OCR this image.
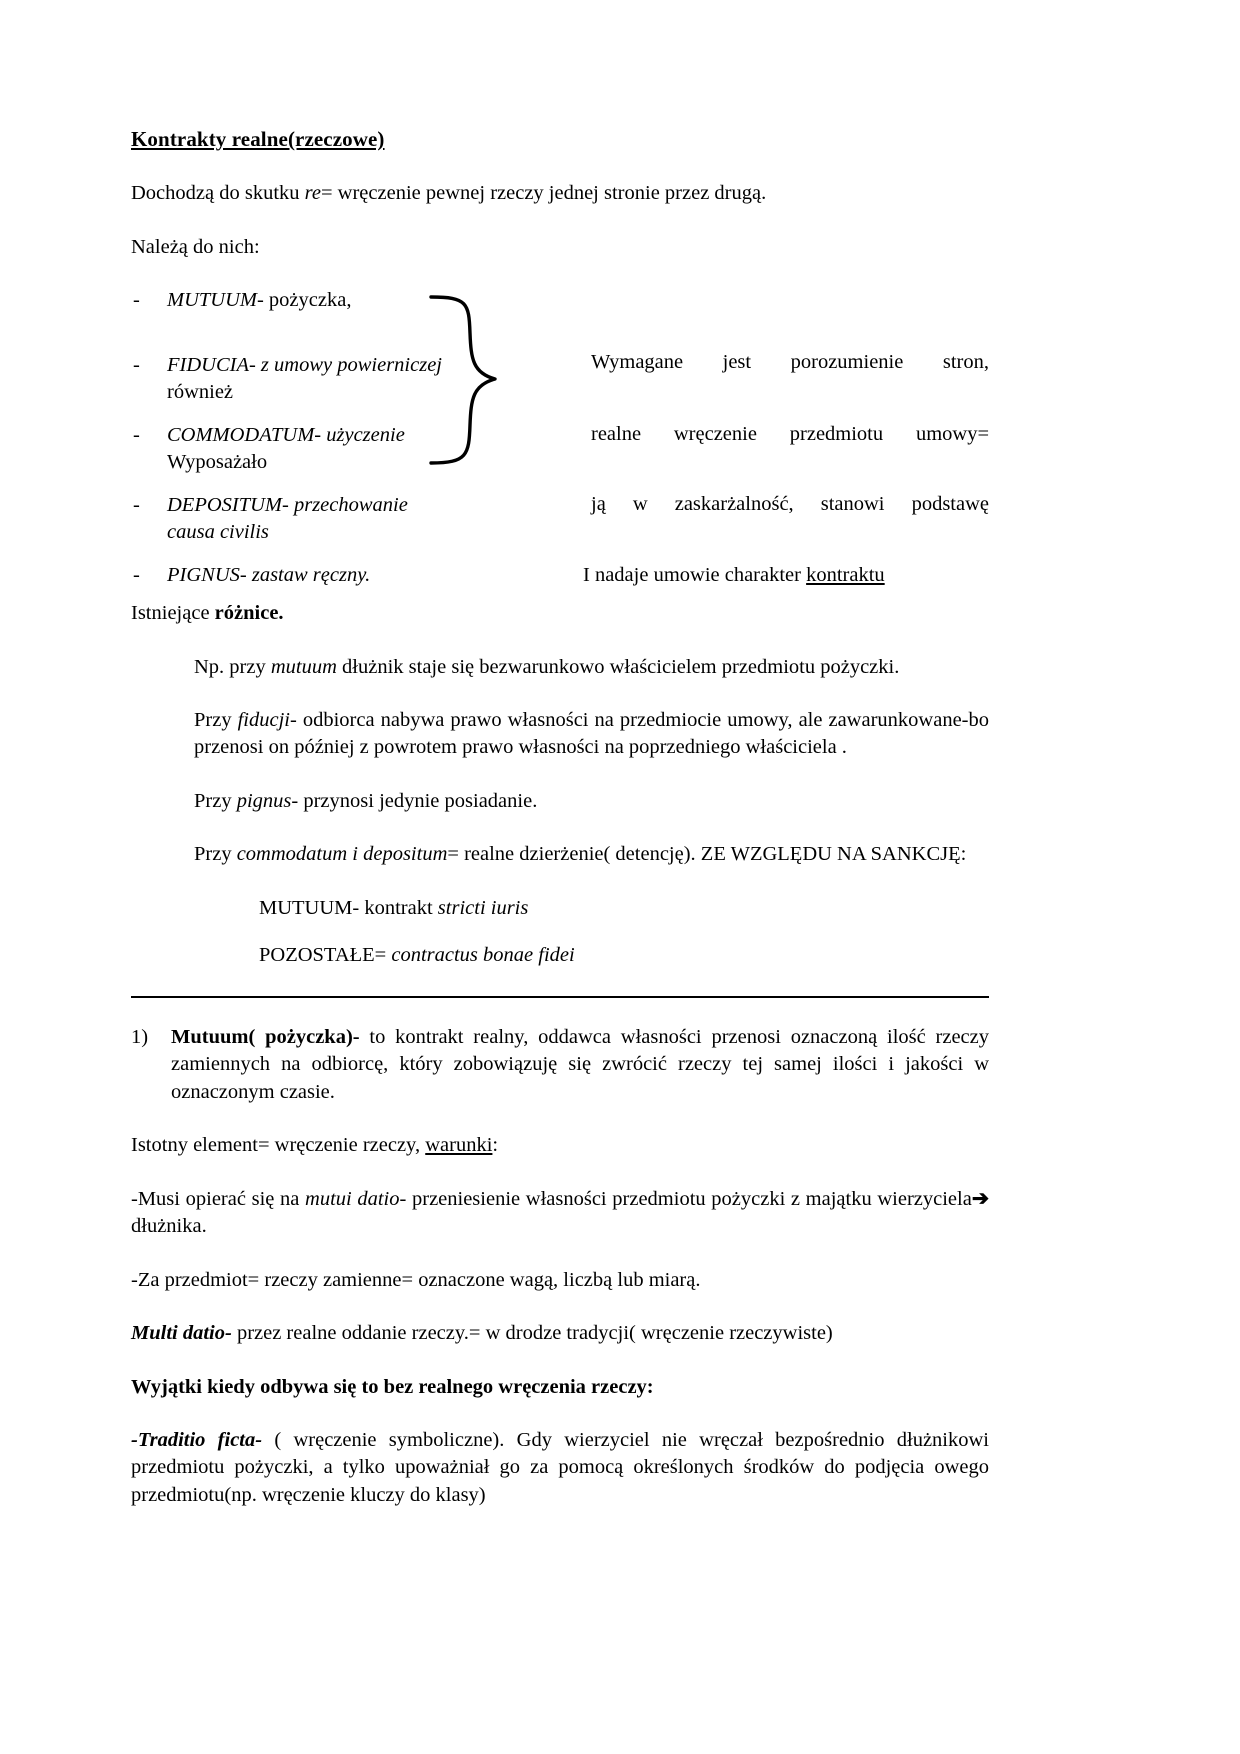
Kontrakty realne(rzeczowe)
Dochodzą do skutku re= wręczenie pewnej rzeczy jednej stronie przez drugą.
Należą do nich:
- MUTUUM- pożyczka,
- FIDUCIA- z umowy powierniczej
również
- COMMODATUM- użyczenie
Wyposażało
- DEPOSITUM- przechowanie
causa civilis
- PIGNUS- zastaw ręczny.
Wymagane jest porozumienie stron,
realne wręczenie przedmiotu umowy=
ją w zaskarżalność, stanowi podstawę
I nadaje umowie charakter kontraktu
Istniejące różnice.
Np. przy mutuum dłużnik staje się bezwarunkowo właścicielem przedmiotu pożyczki.
Przy fiducji- odbiorca nabywa prawo własności na przedmiocie umowy, ale zawarunkowane-bo przenosi on później z powrotem prawo własności na poprzedniego właściciela .
Przy pignus- przynosi jedynie posiadanie.
Przy commodatum i depositum= realne dzierżenie( detencję). ZE WZGLĘDU NA SANKCJĘ:
MUTUUM- kontrakt stricti iuris
POZOSTAŁE= contractus bonae fidei
1) Mutuum( pożyczka)- to kontrakt realny, oddawca własności przenosi oznaczoną ilość rzeczy zamiennych na odbiorcę, który zobowiązuję się zwrócić rzeczy tej samej ilości i jakości w oznaczonym czasie.
Istotny element= wręczenie rzeczy, warunki:
-Musi opierać się na mutui datio- przeniesienie własności przedmiotu pożyczki z majątku wierzyciela➔ dłużnika.
-Za przedmiot= rzeczy zamienne= oznaczone wagą, liczbą lub miarą.
Multi datio- przez realne oddanie rzeczy.= w drodze tradycji( wręczenie rzeczywiste)
Wyjątki kiedy odbywa się to bez realnego wręczenia rzeczy:
-Traditio ficta- ( wręczenie symboliczne). Gdy wierzyciel nie wręczał bezpośrednio dłużnikowi przedmiotu pożyczki, a tylko upoważniał go za pomocą określonych środków do podjęcia owego przedmiotu(np. wręczenie kluczy do klasy)
